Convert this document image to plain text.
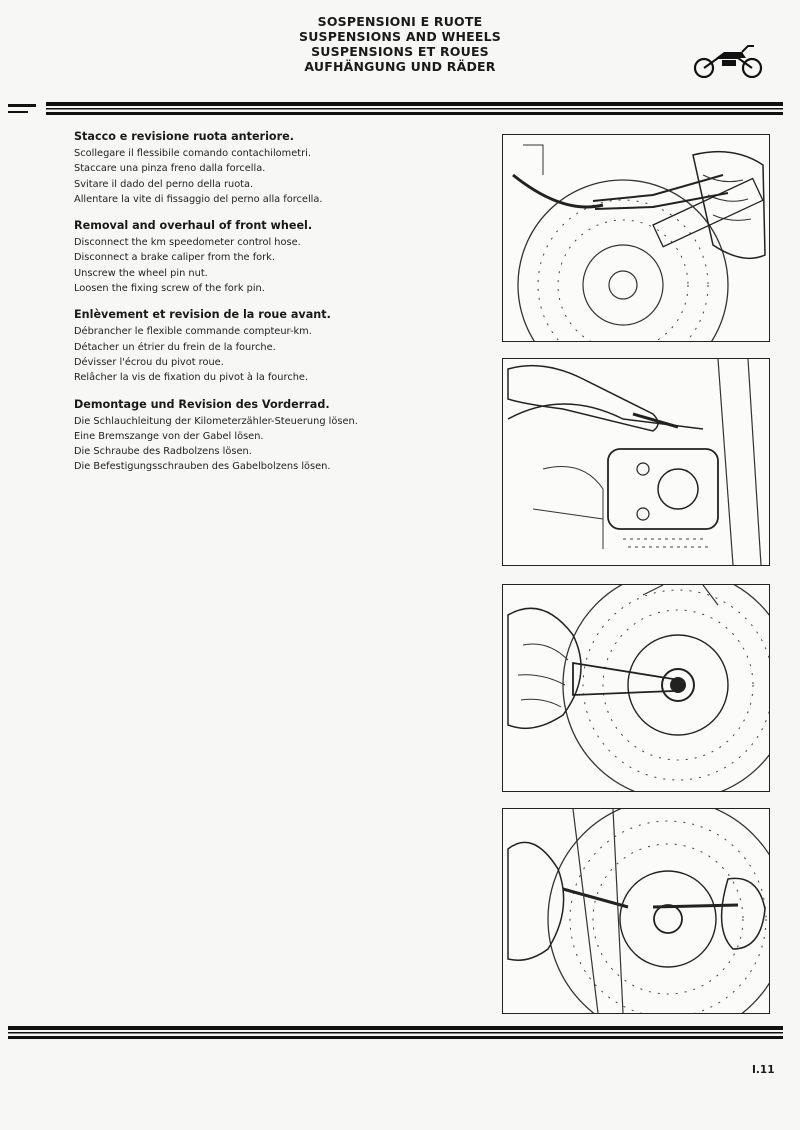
SOSPENSIONI E RUOTE
SUSPENSIONS AND WHEELS
SUSPENSIONS ET ROUES
AUFHÄNGUNG UND RÄDER
Stacco e revisione ruota anteriore.

Scollegare il flessibile comando contachilometri.

Staccare una pinza freno dalla forcella.

Svitare il dado del perno della ruota.

Allentare la vite di fissaggio del perno alla forcella.

Removal and overhaul of front wheel.

Disconnect the km speedometer control hose.

Disconnect a brake caliper from the fork.

Unscrew the wheel pin nut.

Loosen the fixing screw of the fork pin.

Enlèvement et revision de la roue avant.

Débrancher le flexible commande compteur-km.

Détacher un étrier du frein de la fourche.

Dévisser l'écrou du pivot roue.

Relâcher la vis de fixation du pivot à la fourche.

Demontage und Revision des Vorderrad.

Die Schlauchleitung der Kilometerzähler-Steuerung lösen.

Eine Bremszange von der Gabel lösen.

Die Schraube des Radbolzens lösen.

Die Befestigungsschrauben des Gabelbolzens lösen.

I.11
